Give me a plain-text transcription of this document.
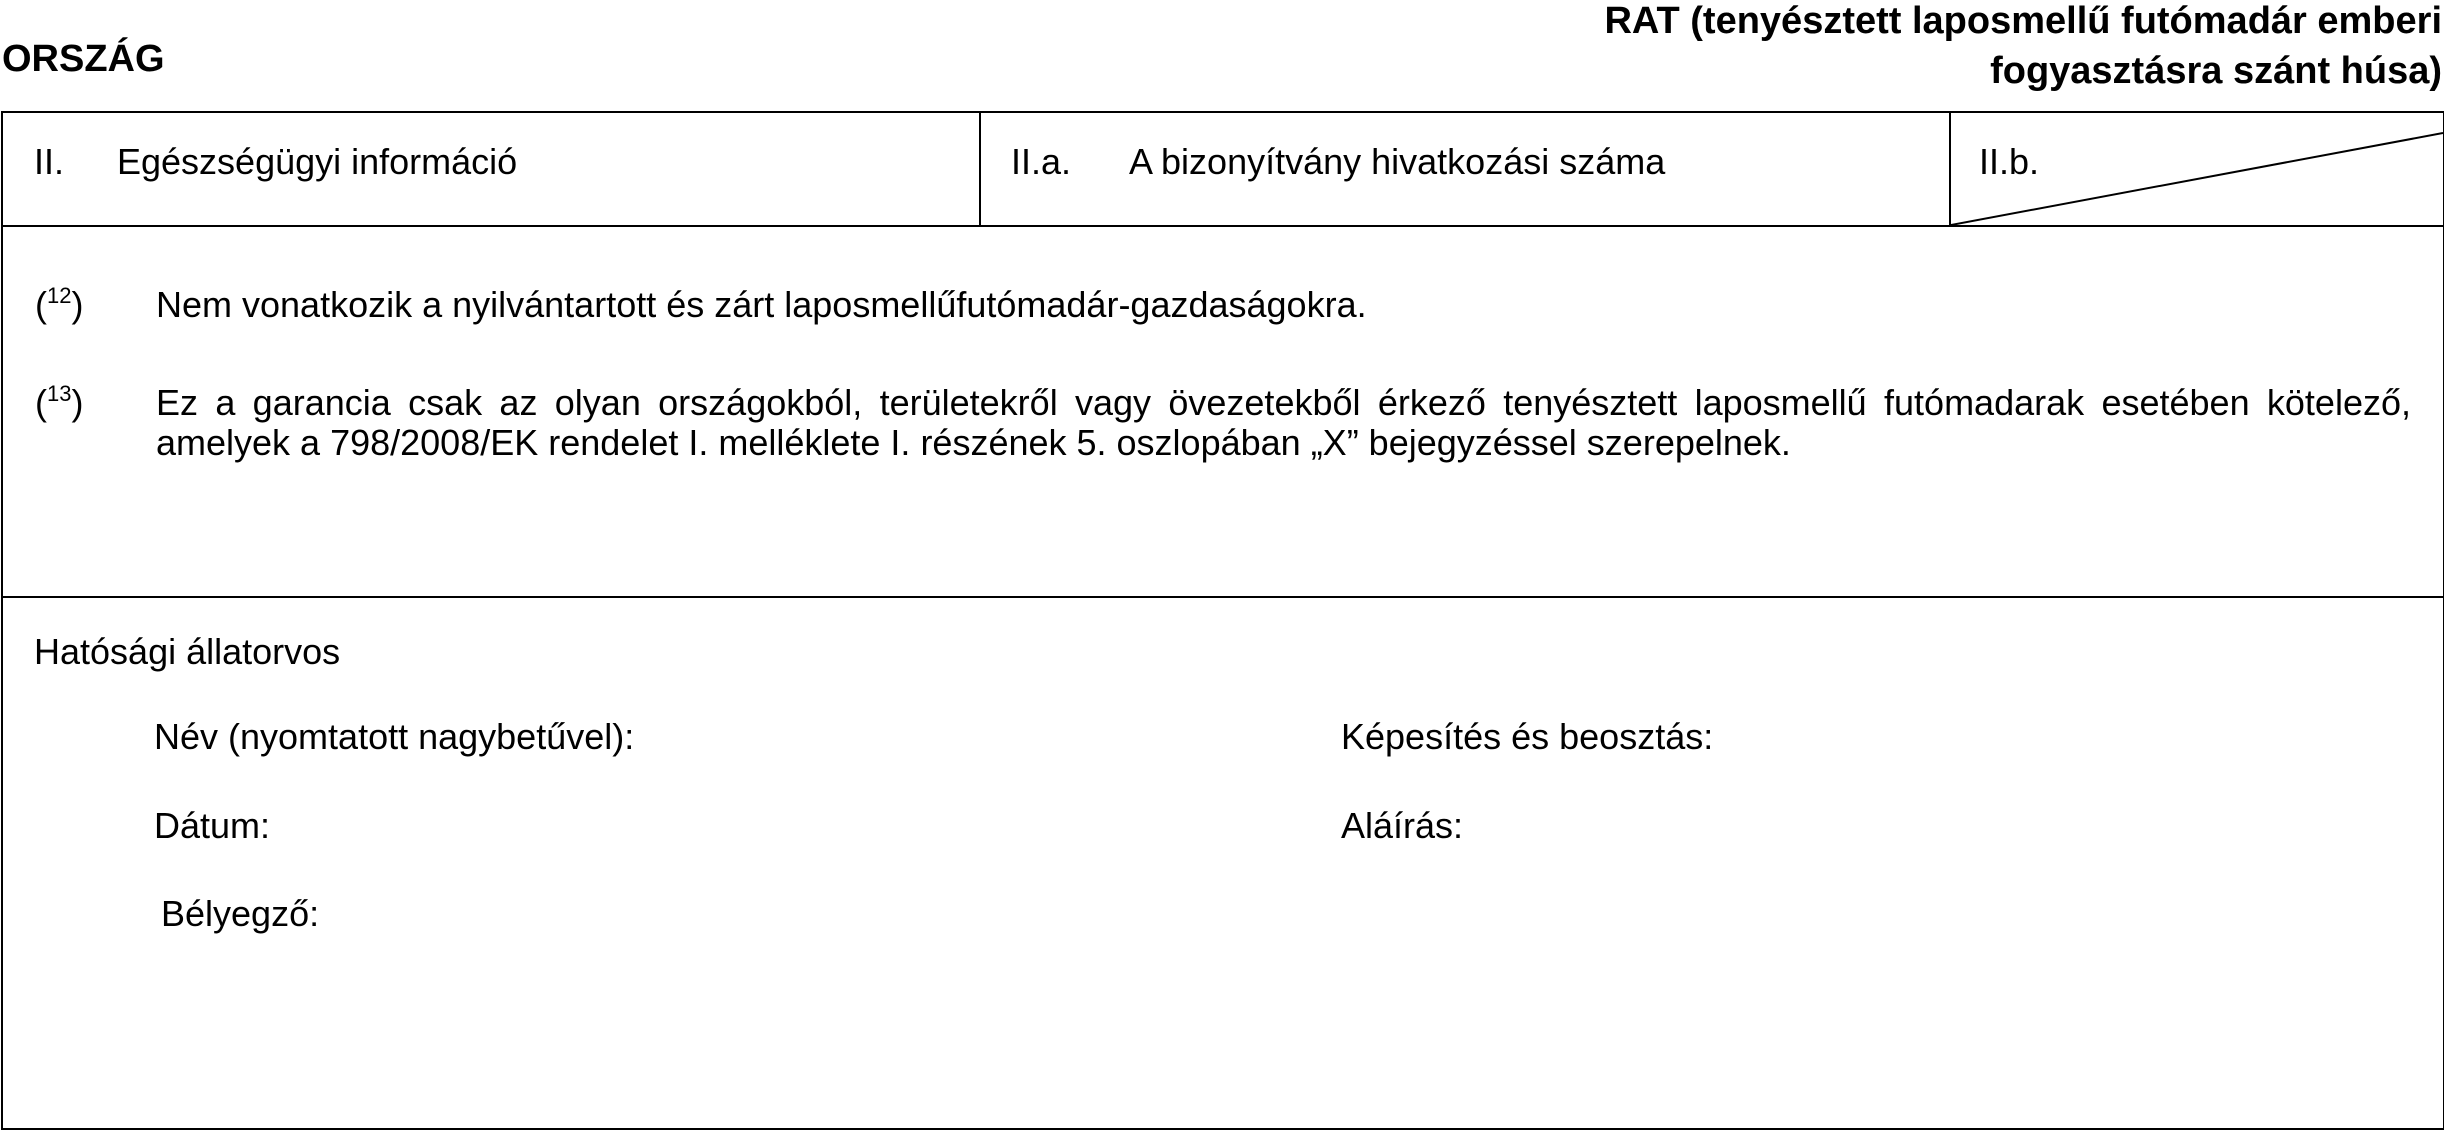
ORSZÁG
RAT (tenyésztett laposmellű futómadár emberi
fogyasztásra szánt húsa)
II. Egészségügyi információ	II.a. A bizonyítvány hivatkozási száma	II.b.
($^{12}$) Nem vonatkozik a nyilvántartott és zárt laposmellűfutómadár-gazdaságokra.
($^{13}$) Ez a garancia csak az olyan országokból, területekről vagy övezetekből érkező tenyésztett laposmellű futómadarak esetében kötelező, amelyek a 798/2008/EK rendelet I. melléklete I. részének 5. oszlopában „X” bejegyzéssel szerepelnek.
Hatósági állatorvos
Név (nyomtatott nagybetűvel):	Képesítés és beosztás:
Dátum:	Aláírás:
Bélyegző:
